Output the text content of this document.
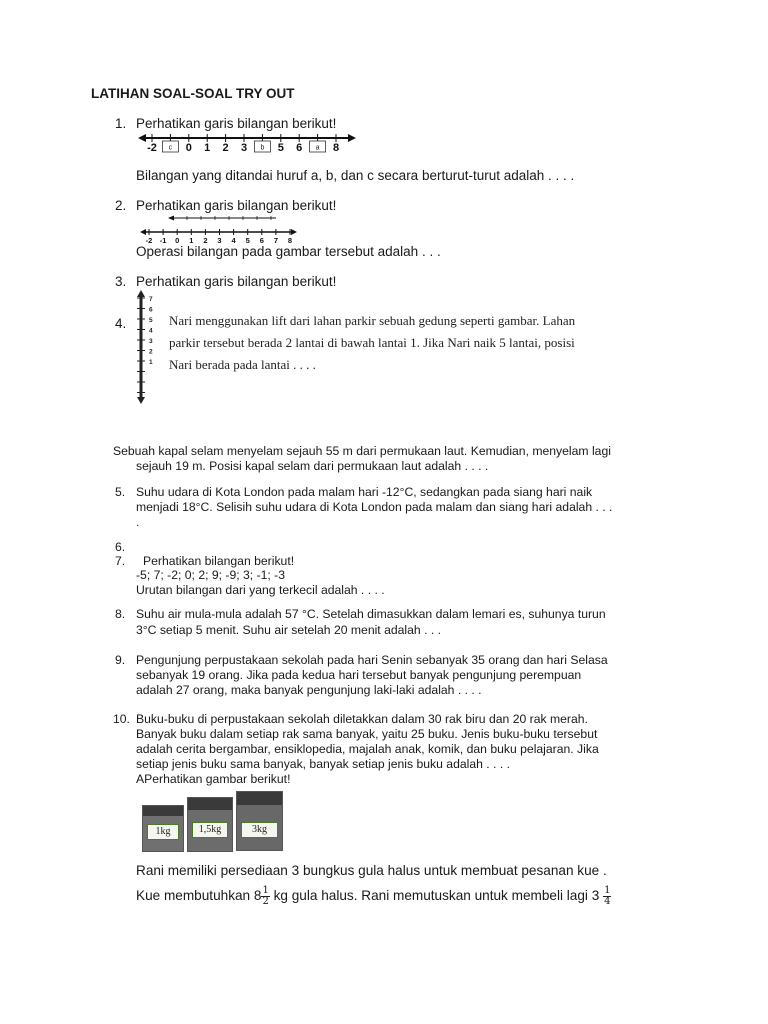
LATIHAN SOAL-SOAL TRY OUT
1. Perhatikan garis bilangan berikut!
-2 c 0 1 2 3 b 5 6 a 8
Bilangan yang ditandai huruf a, b, dan c secara berturut-turut adalah . . . .
2. Perhatikan garis bilangan berikut!
-2 -1 0 1 2 3 4 5 6 7 8
Operasi bilangan pada gambar tersebut adalah . . .
3. Perhatikan garis bilangan berikut!
7
6
5
4
3
2
1
4.	Nari menggunakan lift dari lahan parkir sebuah gedung seperti gambar. Lahan
parkir tersebut berada 2 lantai di bawah lantai 1. Jika Nari naik 5 lantai, posisi
Nari berada pada lantai . . . .
Sebuah kapal selam menyelam sejauh 55 m dari permukaan laut. Kemudian, menyelam lagi
sejauh 19 m. Posisi kapal selam dari permukaan laut adalah . . . .
5. Suhu udara di Kota London pada malam hari -12°C, sedangkan pada siang hari naik
menjadi 18°C. Selisih suhu udara di Kota London pada malam dan siang hari adalah . . .
.
6.
7. Perhatikan bilangan berikut!
-5; 7; -2; 0; 2; 9; -9; 3; -1; -3
Urutan bilangan dari yang terkecil adalah . . . .
8. Suhu air mula-mula adalah 57 °C. Setelah dimasukkan dalam lemari es, suhunya turun
3°C setiap 5 menit. Suhu air setelah 20 menit adalah . . .
9. Pengunjung perpustakaan sekolah pada hari Senin sebanyak 35 orang dan hari Selasa
sebanyak 19 orang. Jika pada kedua hari tersebut banyak pengunjung perempuan
adalah 27 orang, maka banyak pengunjung laki-laki adalah . . . .
10. Buku-buku di perpustakaan sekolah diletakkan dalam 30 rak biru dan 20 rak merah.
Banyak buku dalam setiap rak sama banyak, yaitu 25 buku. Jenis buku-buku tersebut
adalah cerita bergambar, ensiklopedia, majalah anak, komik, dan buku pelajaran. Jika
setiap jenis buku sama banyak, banyak setiap jenis buku adalah . . . .
APerhatikan gambar berikut!
1kg	1,5kg	3kg
Rani memiliki persediaan 3 bungkus gula halus untuk membuat pesanan kue .
Kue membutuhkan $8 \frac{1}{2}$ kg gula halus. Rani memutuskan untuk membeli lagi $3 \frac{1}{4}$
